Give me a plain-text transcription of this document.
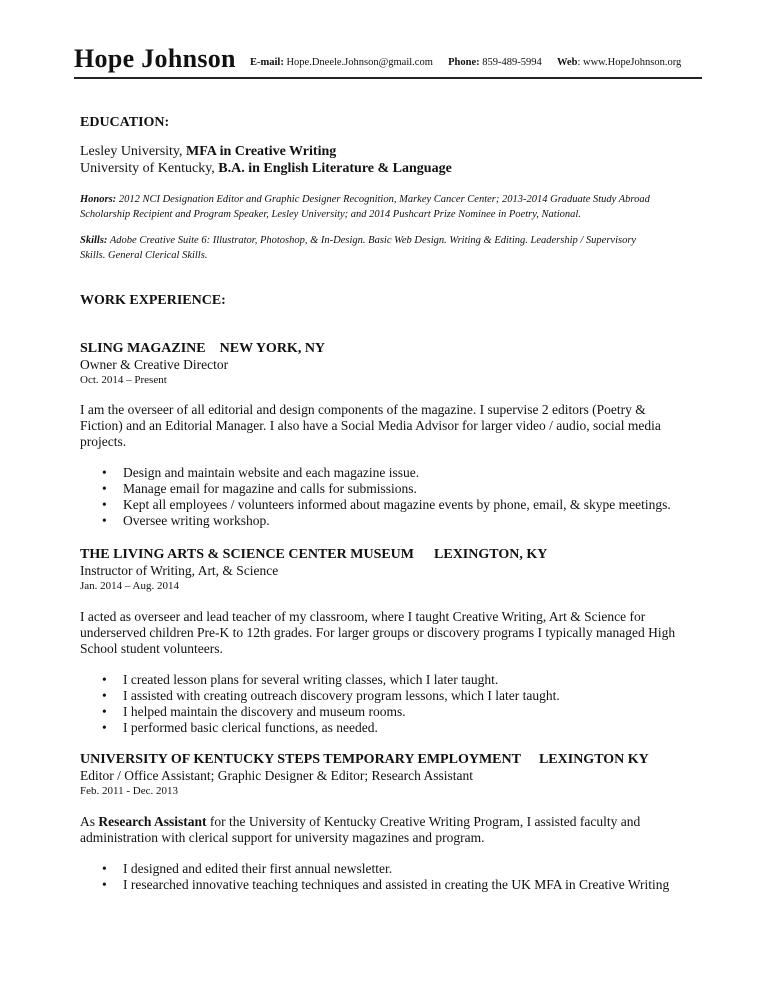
Hope Johnson E-mail: Hope.Dneele.Johnson@gmail.com Phone: 859-489-5994 Web: www.HopeJohnson.org
EDUCATION:
Lesley University, MFA in Creative Writing
University of Kentucky, B.A. in English Literature & Language
Honors: 2012 NCI Designation Editor and Graphic Designer Recognition, Markey Cancer Center; 2013-2014 Graduate Study Abroad
Scholarship Recipient and Program Speaker, Lesley University; and 2014 Pushcart Prize Nominee in Poetry, National.
Skills: Adobe Creative Suite 6: Illustrator, Photoshop, & In-Design. Basic Web Design. Writing & Editing. Leadership / Supervisory
Skills. General Clerical Skills.
WORK EXPERIENCE:
SLING MAGAZINE NEW YORK, NY
Owner & Creative Director
Oct. 2014 – Present
I am the overseer of all editorial and design components of the magazine. I supervise 2 editors (Poetry &
Fiction) and an Editorial Manager. I also have a Social Media Advisor for larger video / audio, social media
projects.
• Design and maintain website and each magazine issue.
• Manage email for magazine and calls for submissions.
• Kept all employees / volunteers informed about magazine events by phone, email, & skype meetings.
• Oversee writing workshop.
THE LIVING ARTS & SCIENCE CENTER MUSEUM LEXINGTON, KY
Instructor of Writing, Art, & Science
Jan. 2014 – Aug. 2014
I acted as overseer and lead teacher of my classroom, where I taught Creative Writing, Art & Science for
underserved children Pre-K to 12th grades. For larger groups or discovery programs I typically managed High
School student volunteers.
• I created lesson plans for several writing classes, which I later taught.
• I assisted with creating outreach discovery program lessons, which I later taught.
• I helped maintain the discovery and museum rooms.
• I performed basic clerical functions, as needed.
UNIVERSITY OF KENTUCKY STEPS TEMPORARY EMPLOYMENT LEXINGTON KY
Editor / Office Assistant; Graphic Designer & Editor; Research Assistant
Feb. 2011 - Dec. 2013
As Research Assistant for the University of Kentucky Creative Writing Program, I assisted faculty and
administration with clerical support for university magazines and program.
• I designed and edited their first annual newsletter.
• I researched innovative teaching techniques and assisted in creating the UK MFA in Creative Writing
